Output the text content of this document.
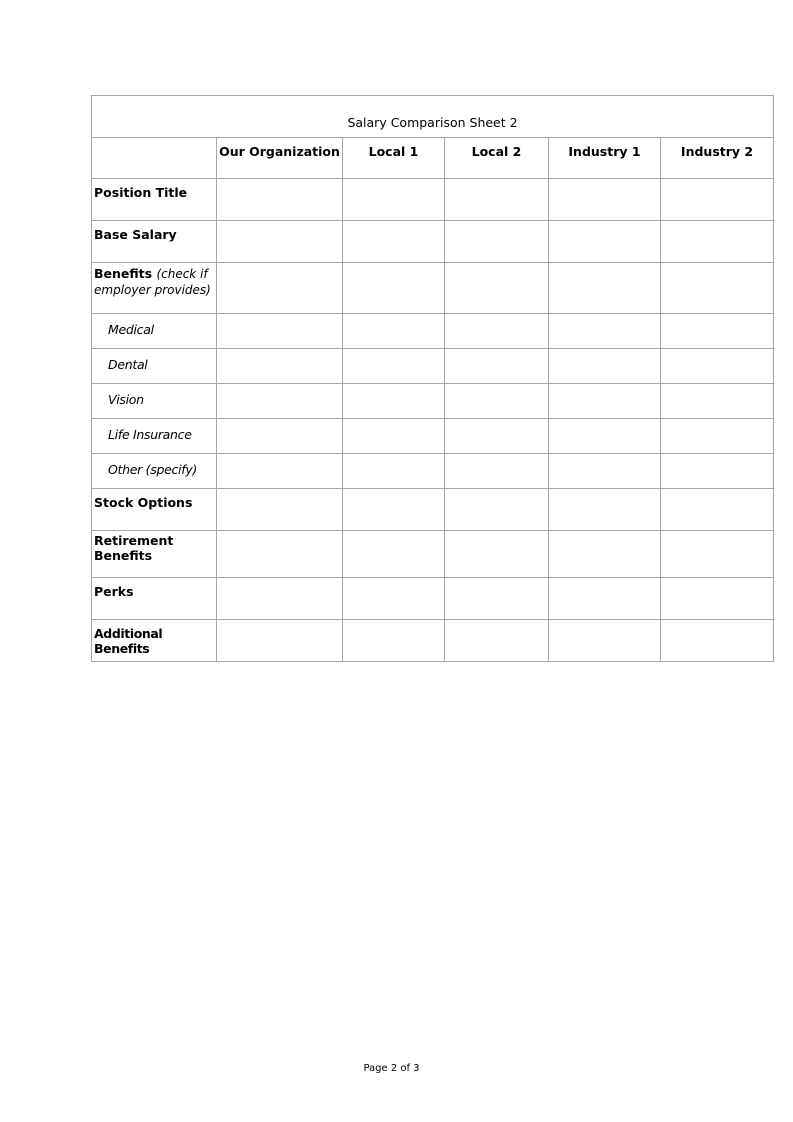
Salary Comparison Sheet 2					
	Our Organization	Local 1	Local 2	Industry 1	Industry 2
Position Title					
Base Salary					
Benefits (check if employer provides)					
Medical					
Dental					
Vision					
Life Insurance					
Other (specify)					
Stock Options					
Retirement Benefits					
Perks					
Additional Benefits					
Page 2 of 3
